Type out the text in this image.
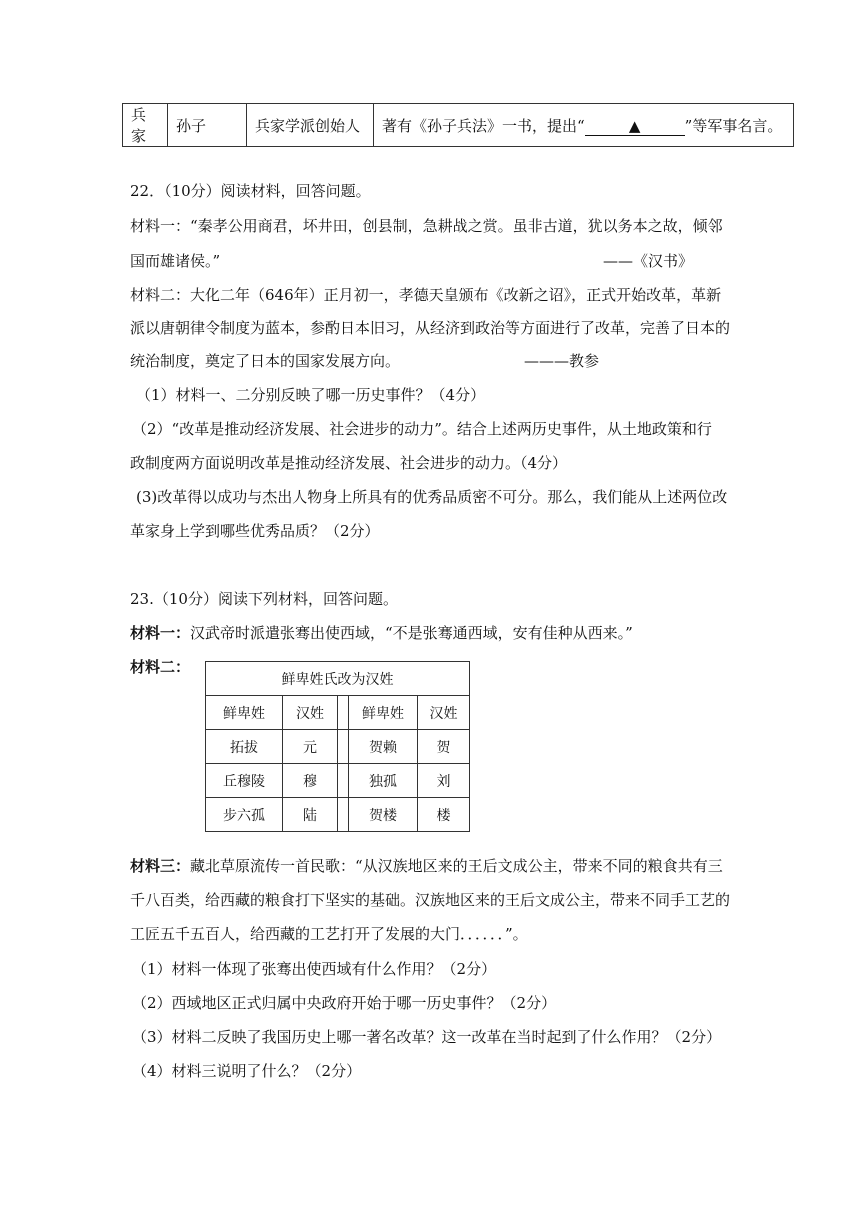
兵家	孙子	兵家学派创始人	著有《孙子兵法》一书，提出“	▲	”等军事名言。
22．（10分）阅读材料，回答问题。
材料一：“秦孝公用商君，坏井田，创县制，急耕战之赏。虽非古道，犹以务本之故，倾邻
国而雄诸侯。”	——《汉书》
材料二：大化二年（646年）正月初一，孝德天皇颁布《改新之诏》，正式开始改革，革新
派以唐朝律令制度为蓝本，参酌日本旧习，从经济到政治等方面进行了改革，完善了日本的
统治制度，奠定了日本的国家发展方向。	———教参
（1）材料一、二分别反映了哪一历史事件？（4分）
（2）“改革是推动经济发展、社会进步的动力”。结合上述两历史事件，从土地政策和行
政制度两方面说明改革是推动经济发展、社会进步的动力。（4分）
(3)改革得以成功与杰出人物身上所具有的优秀品质密不可分。那么，我们能从上述两位改
革家身上学到哪些优秀品质？（2分）
23.（10分）阅读下列材料，回答问题。
材料一：汉武帝时派遣张骞出使西域，“不是张骞通西域，安有佳种从西来。”
材料二：
鲜卑姓氏改为汉姓				
鲜卑姓	汉姓		鲜卑姓	汉姓
拓拔	元		贺赖	贺
丘穆陵	穆		独孤	刘
步六孤	陆		贺楼	楼
材料三：藏北草原流传一首民歌：“从汉族地区来的王后文成公主，带来不同的粮食共有三
千八百类，给西藏的粮食打下坚实的基础。汉族地区来的王后文成公主，带来不同手工艺的
工匠五千五百人，给西藏的工艺打开了发展的大门．．．．．．”。
（1）材料一体现了张骞出使西域有什么作用？（2分）
（2）西域地区正式归属中央政府开始于哪一历史事件？（2分）
（3）材料二反映了我国历史上哪一著名改革？这一改革在当时起到了什么作用？（2分）
（4）材料三说明了什么？（2分）
